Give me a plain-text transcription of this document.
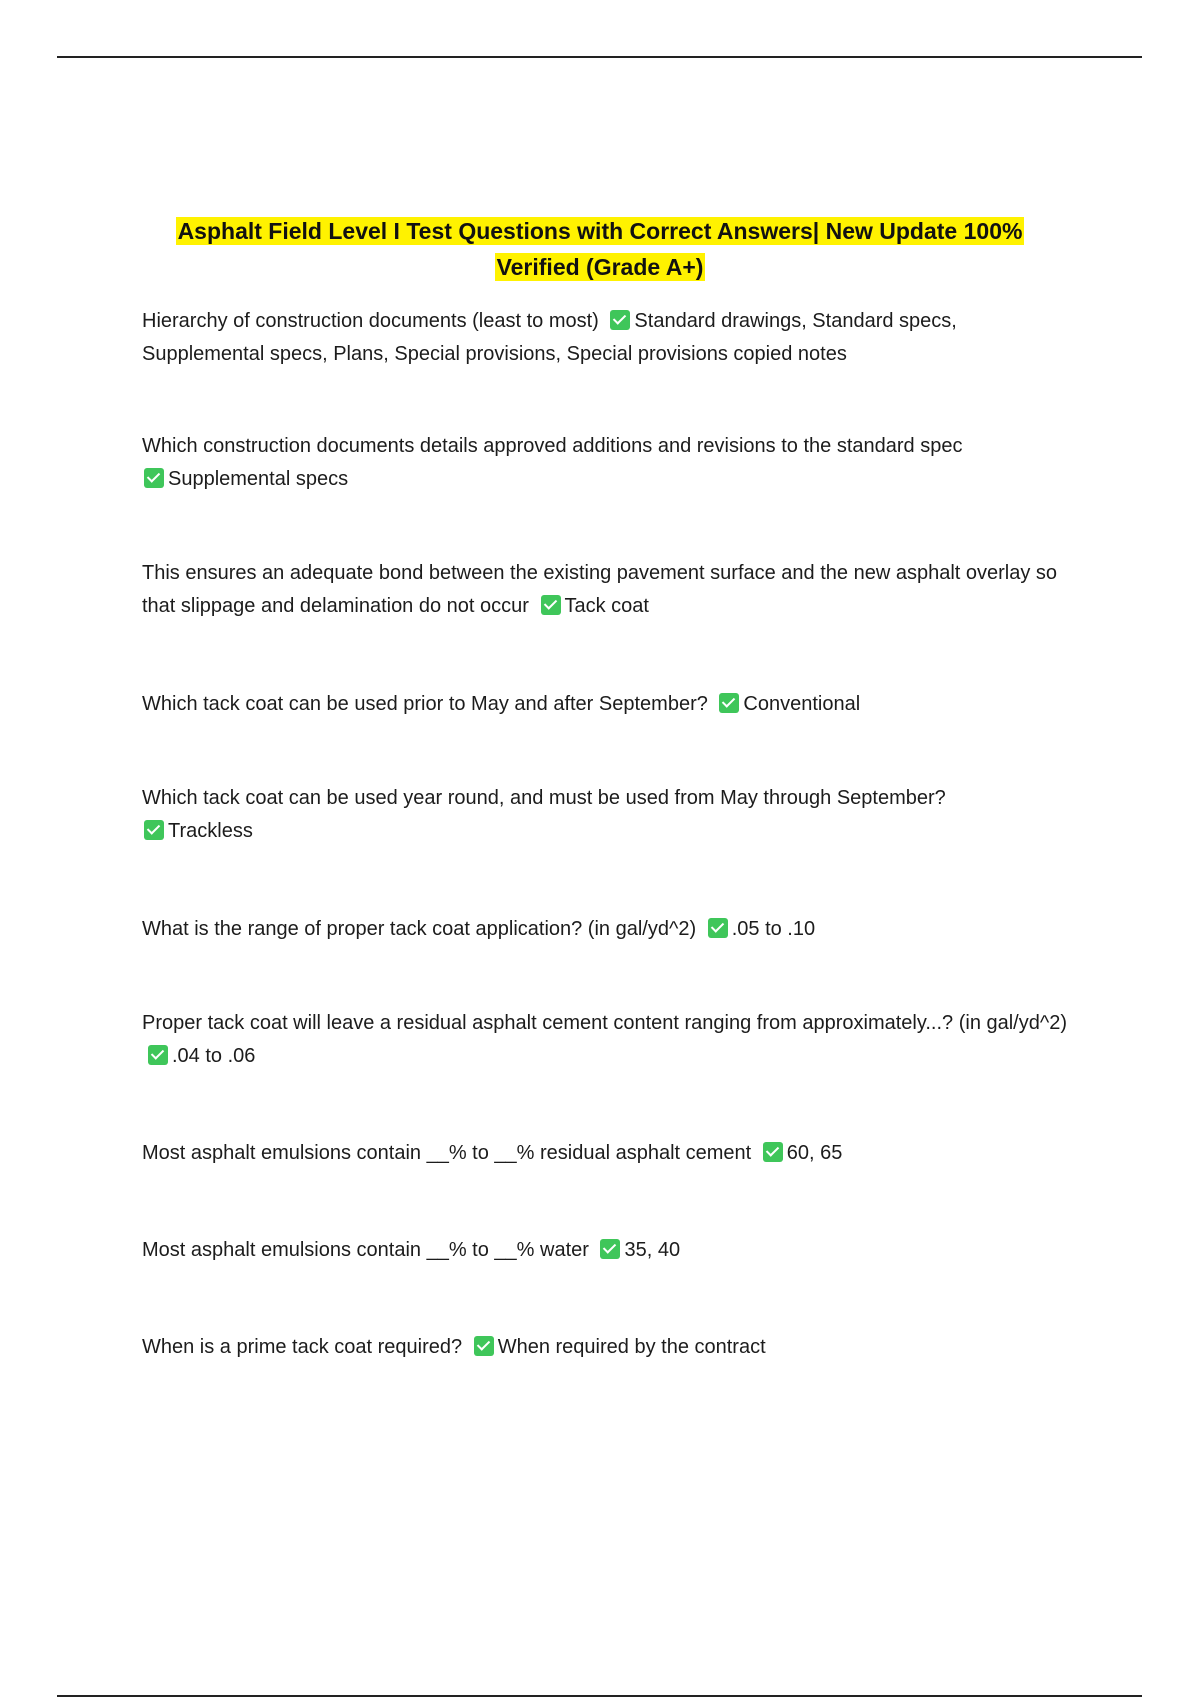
Asphalt Field Level I Test Questions with Correct Answers| New Update 100%
Verified (Grade A+)
Hierarchy of construction documents (least to most) Standard drawings, Standard specs, Supplemental specs, Plans, Special provisions, Special provisions copied notes
Which construction documents details approved additions and revisions to the standard spec
Supplemental specs
This ensures an adequate bond between the existing pavement surface and the new asphalt overlay so that slippage and delamination do not occur Tack coat
Which tack coat can be used prior to May and after September? Conventional
Which tack coat can be used year round, and must be used from May through September?
Trackless
What is the range of proper tack coat application? (in gal/yd^2) .05 to .10
Proper tack coat will leave a residual asphalt cement content ranging from approximately...? (in gal/yd^2) .04 to .06
Most asphalt emulsions contain __% to __% residual asphalt cement 60, 65
Most asphalt emulsions contain __% to __% water 35, 40
When is a prime tack coat required? When required by the contract
